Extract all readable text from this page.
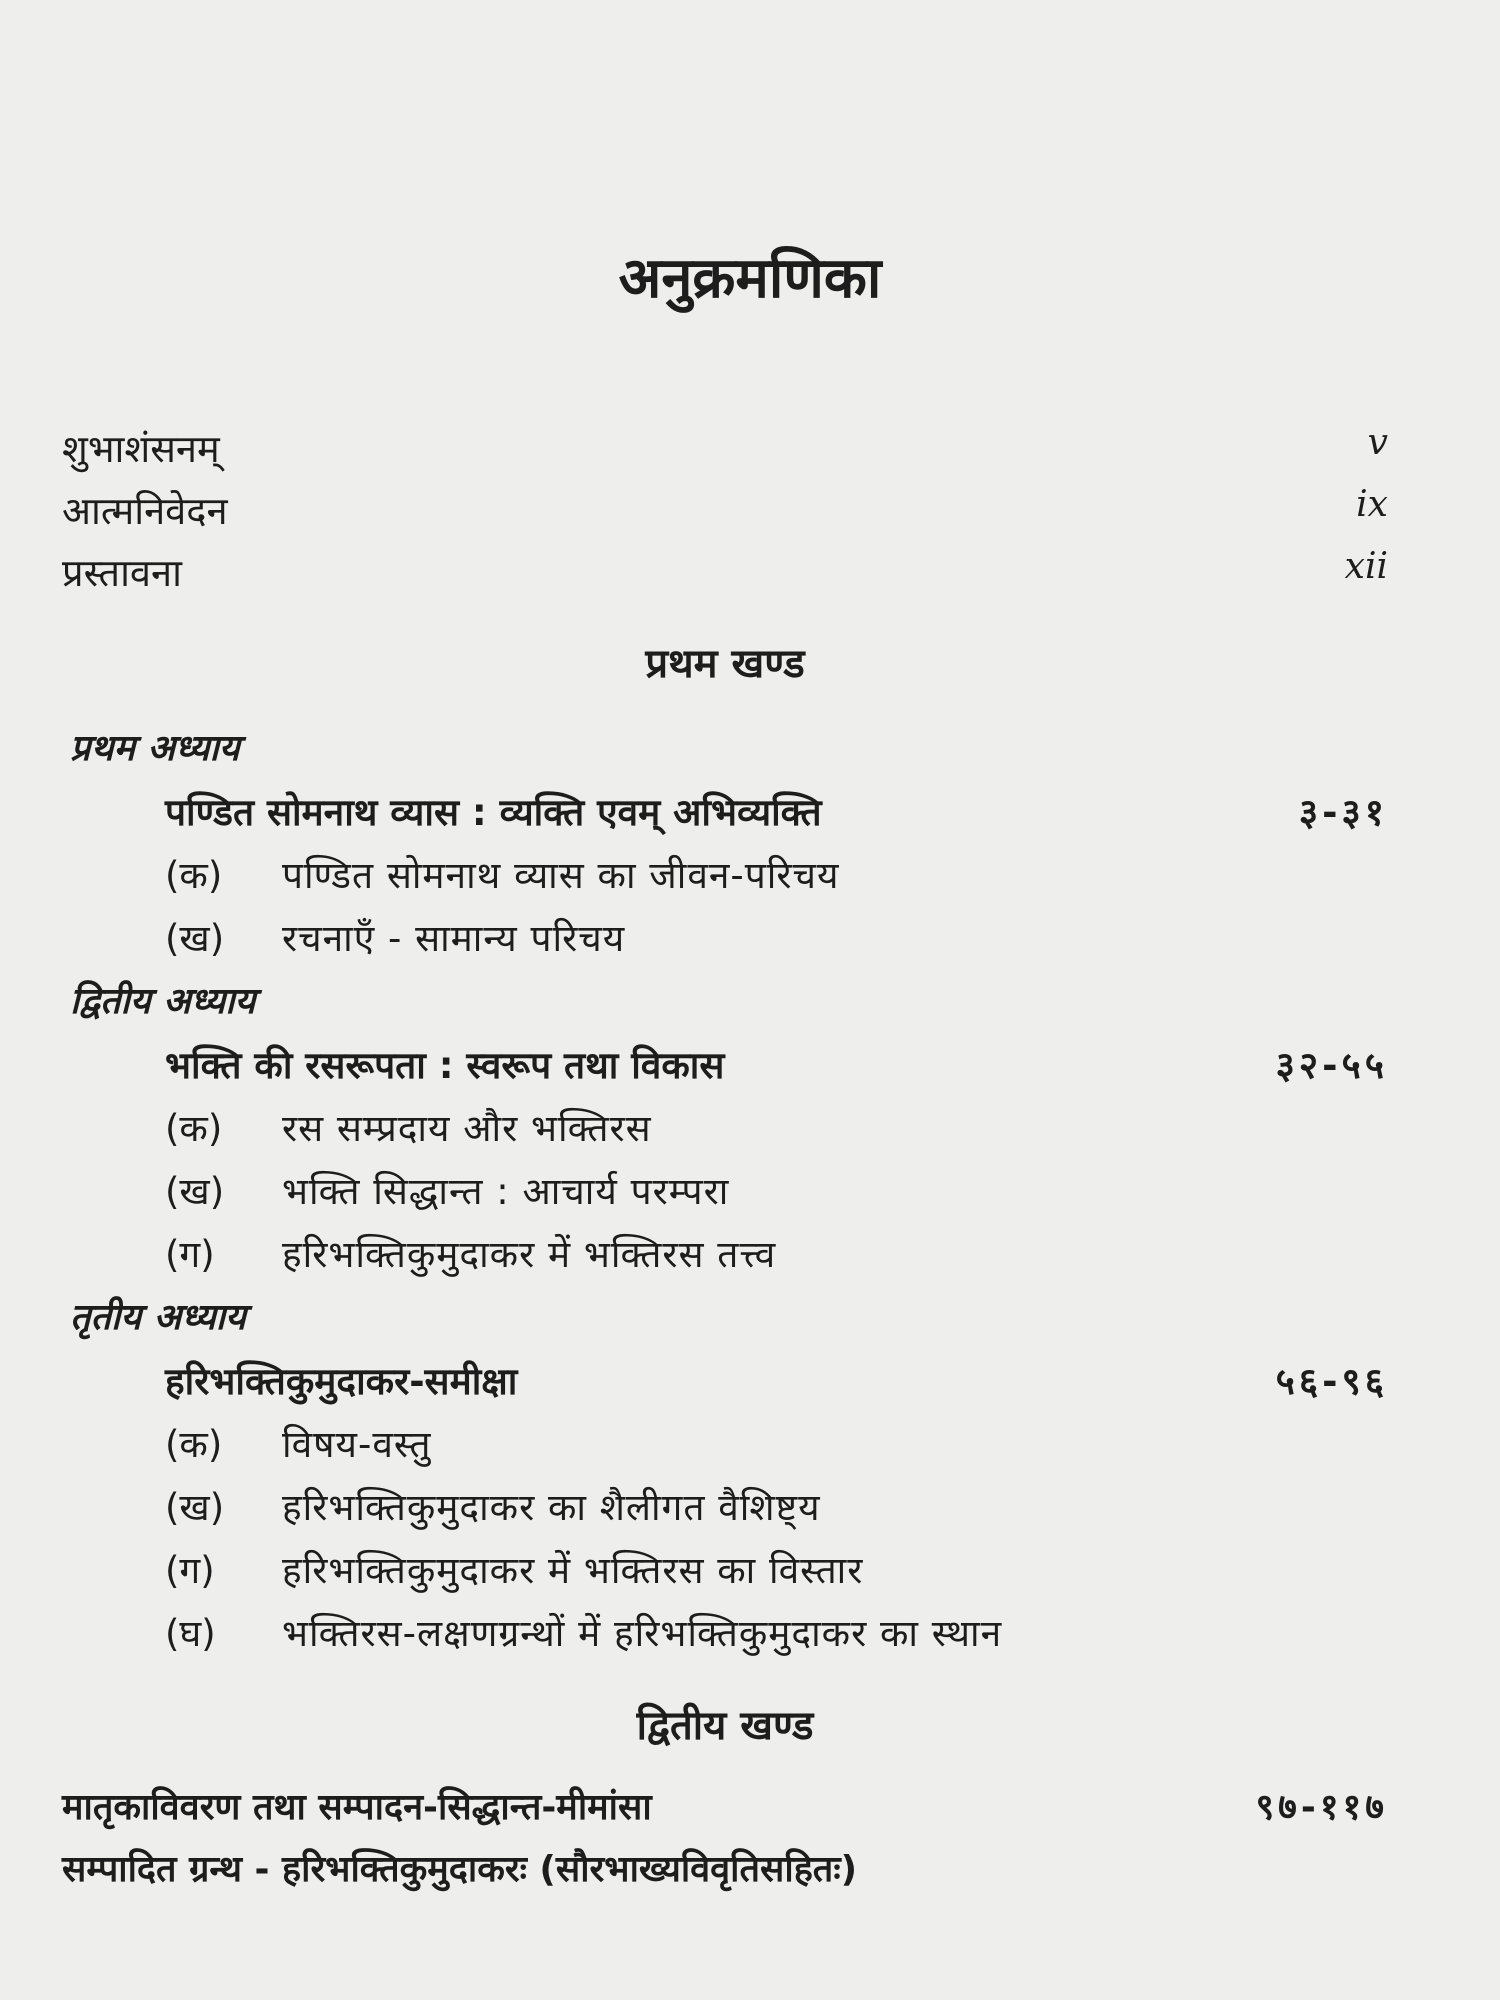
अनुक्रमणिका
शुभाशंसनम्	v
आत्मनिवेदन	ix
प्रस्तावना	xii
प्रथम खण्ड
प्रथम अध्याय
पण्डित सोमनाथ व्यास : व्यक्ति एवम् अभिव्यक्ति	३-३१
(क) पण्डित सोमनाथ व्यास का जीवन-परिचय
(ख) रचनाएँ - सामान्य परिचय
द्वितीय अध्याय
भक्ति की रसरूपता : स्वरूप तथा विकास	३२-५५
(क) रस सम्प्रदाय और भक्तिरस
(ख) भक्ति सिद्धान्त : आचार्य परम्परा
(ग) हरिभक्तिकुमुदाकर में भक्तिरस तत्त्व
तृतीय अध्याय
हरिभक्तिकुमुदाकर-समीक्षा	५६-९६
(क) विषय-वस्तु
(ख) हरिभक्तिकुमुदाकर का शैलीगत वैशिष्ट्य
(ग) हरिभक्तिकुमुदाकर में भक्तिरस का विस्तार
(घ) भक्तिरस-लक्षणग्रन्थों में हरिभक्तिकुमुदाकर का स्थान
द्वितीय खण्ड
मातृकाविवरण तथा सम्पादन-सिद्धान्त-मीमांसा	९७-११७
सम्पादित ग्रन्थ - हरिभक्तिकुमुदाकरः (सौरभाख्यविवृतिसहितः)
